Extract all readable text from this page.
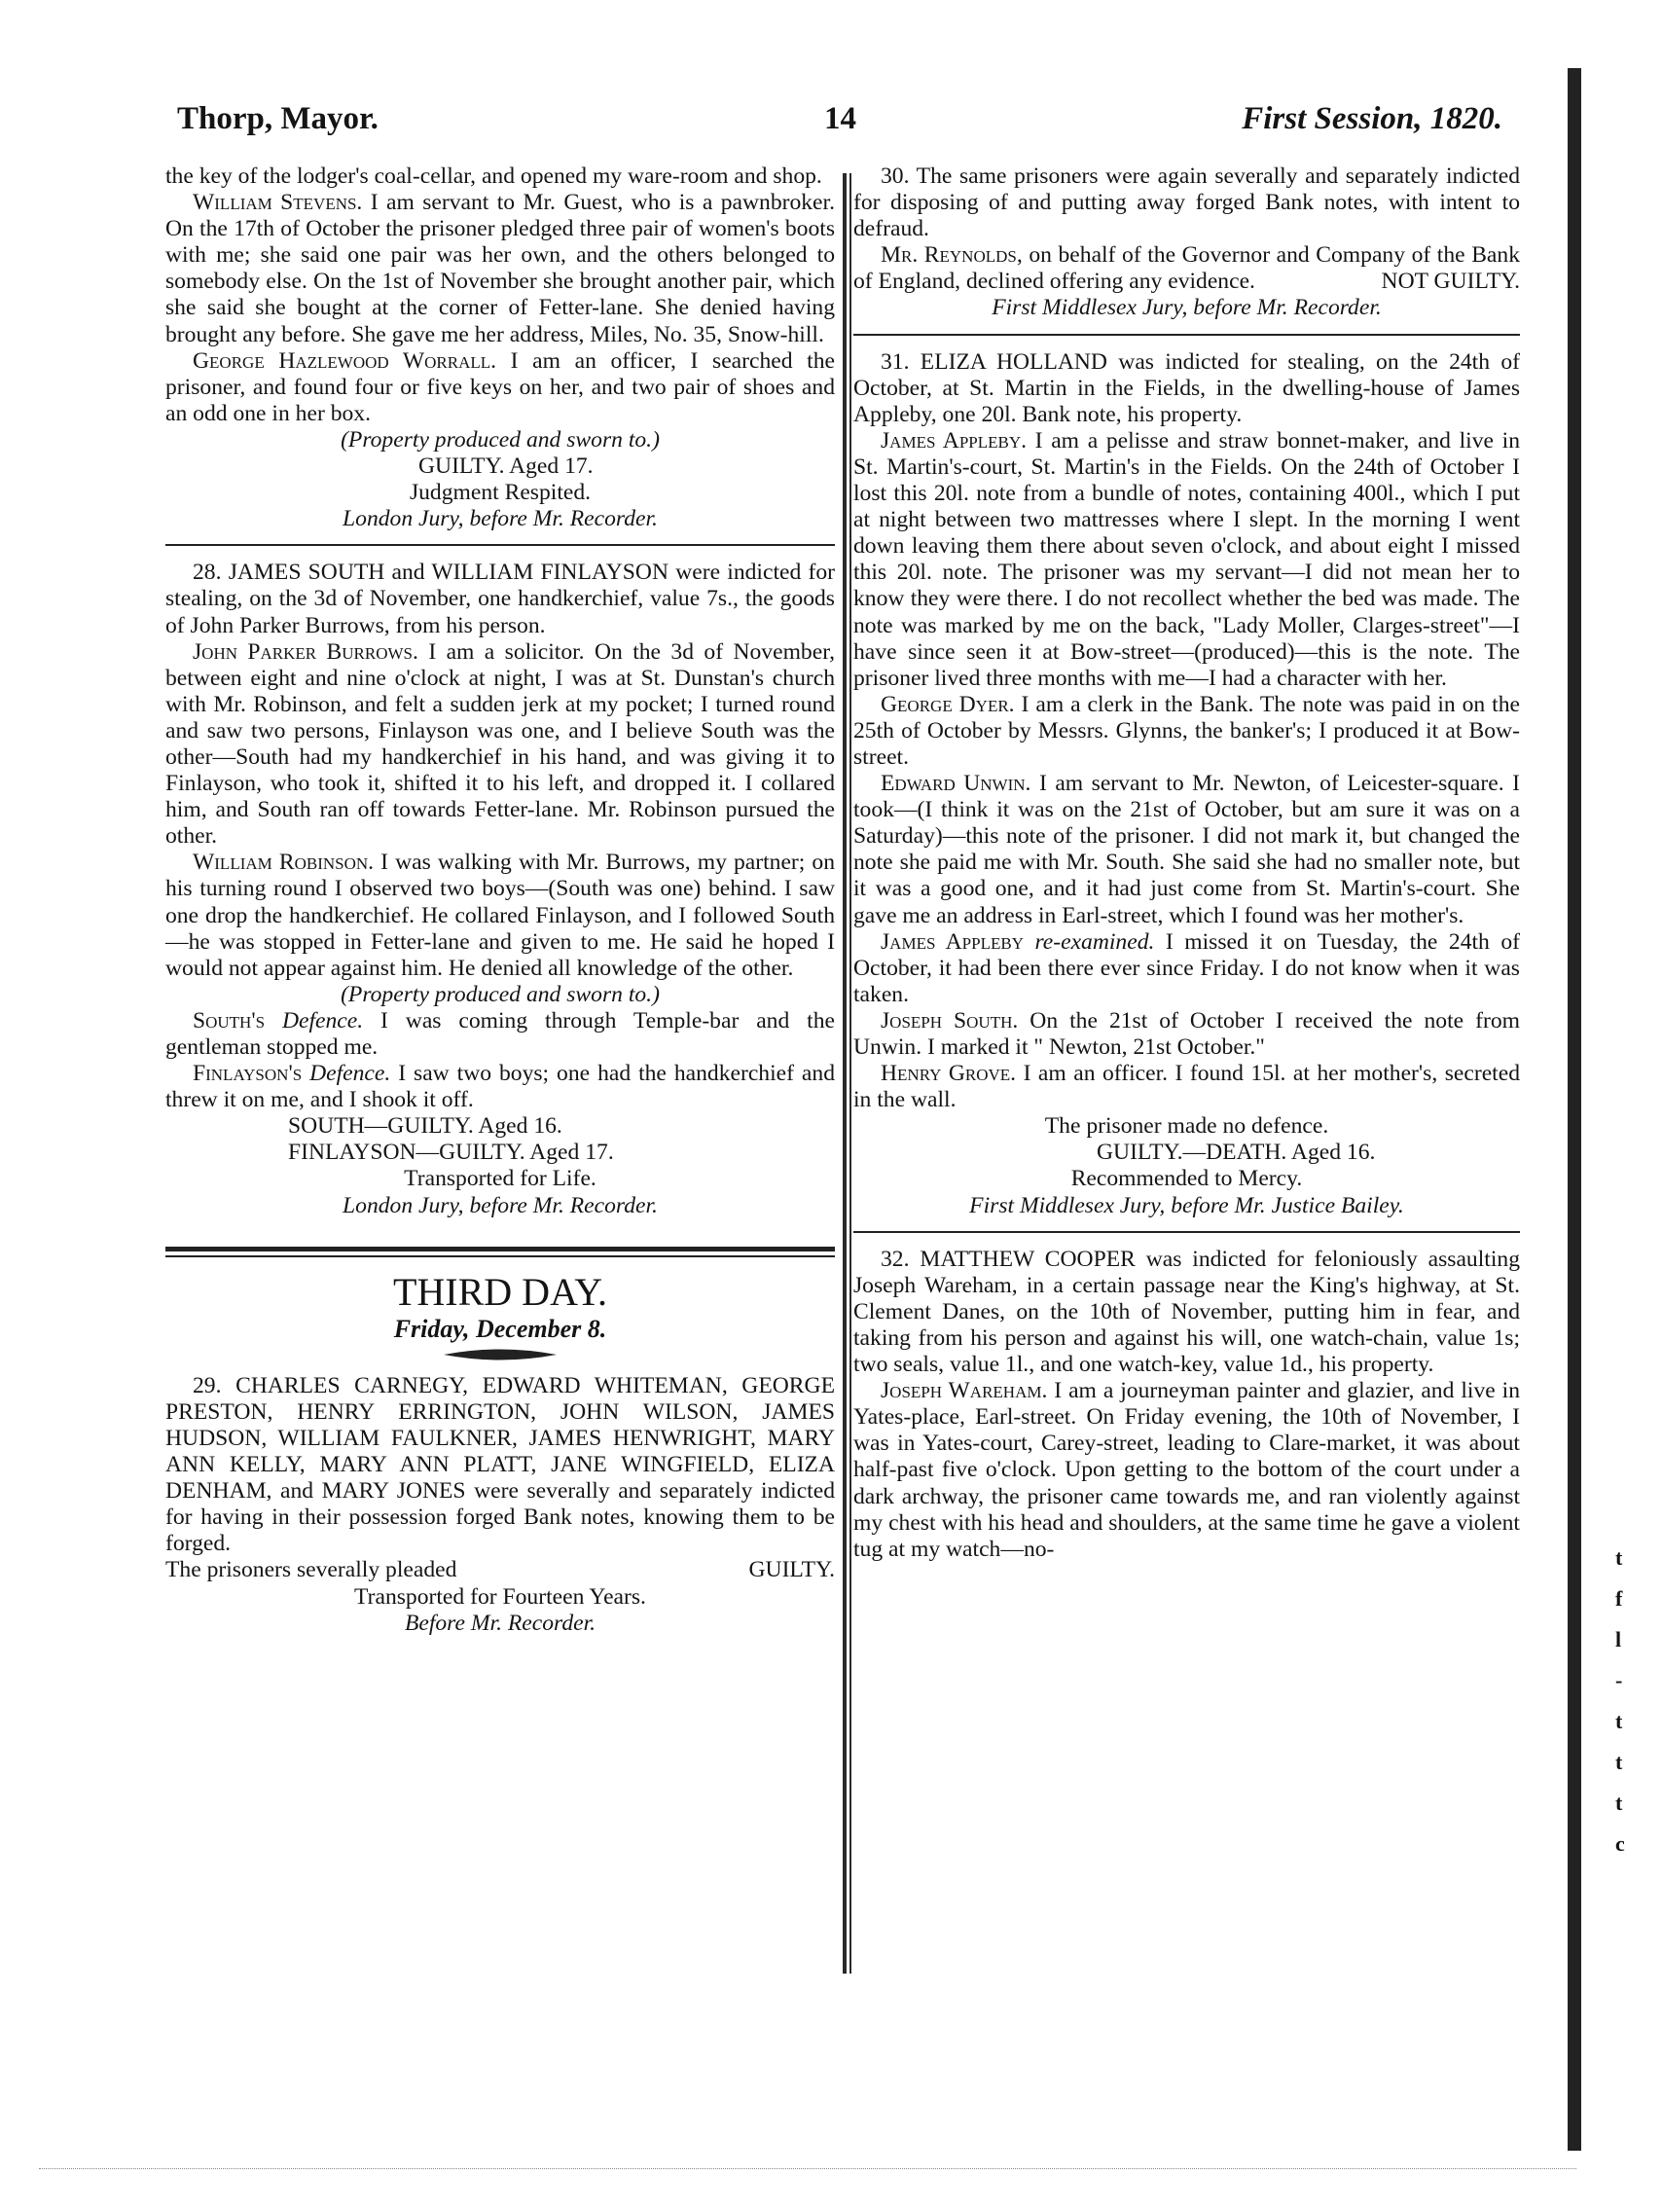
Thorp, Mayor.	14	First Session, 1820.

the key of the lodger's coal-cellar, and opened my ware-room and shop.

William Stevens. I am servant to Mr. Guest, who is a pawnbroker. On the 17th of October the prisoner pledged three pair of women's boots with me; she said one pair was her own, and the others belonged to somebody else. On the 1st of November she brought another pair, which she said she bought at the corner of Fetter-lane. She denied having brought any before. She gave me her address, Miles, No. 35, Snow-hill.

George Hazlewood Worrall. I am an officer, I searched the prisoner, and found four or five keys on her, and two pair of shoes and an odd one in her box.

(Property produced and sworn to.)

GUILTY. Aged 17.

Judgment Respited.

London Jury, before Mr. Recorder.

28. JAMES SOUTH and WILLIAM FINLAYSON were indicted for stealing, on the 3d of November, one handkerchief, value 7s., the goods of John Parker Burrows, from his person.

John Parker Burrows. I am a solicitor. On the 3d of November, between eight and nine o'clock at night, I was at St. Dunstan's church with Mr. Robinson, and felt a sudden jerk at my pocket; I turned round and saw two persons, Finlayson was one, and I believe South was the other—South had my handkerchief in his hand, and was giving it to Finlayson, who took it, shifted it to his left, and dropped it. I collared him, and South ran off towards Fetter-lane. Mr. Robinson pursued the other.

William Robinson. I was walking with Mr. Burrows, my partner; on his turning round I observed two boys—(South was one) behind. I saw one drop the handkerchief. He collared Finlayson, and I followed South—he was stopped in Fetter-lane and given to me. He said he hoped I would not appear against him. He denied all knowledge of the other.

(Property produced and sworn to.)

South's Defence. I was coming through Temple-bar and the gentleman stopped me.

Finlayson's Defence. I saw two boys; one had the handkerchief and threw it on me, and I shook it off.

SOUTH—GUILTY. Aged 16.

FINLAYSON—GUILTY. Aged 17.

Transported for Life.

London Jury, before Mr. Recorder.

THIRD DAY.

Friday, December 8.

29. CHARLES CARNEGY, EDWARD WHITEMAN, GEORGE PRESTON, HENRY ERRINGTON, JOHN WILSON, JAMES HUDSON, WILLIAM FAULKNER, JAMES HENWRIGHT, MARY ANN KELLY, MARY ANN PLATT, JANE WINGFIELD, ELIZA DENHAM, and MARY JONES were severally and separately indicted for having in their possession forged Bank notes, knowing them to be forged.

The prisoners severally pleaded	GUILTY.

Transported for Fourteen Years.

Before Mr. Recorder.

30. The same prisoners were again severally and separately indicted for disposing of and putting away forged Bank notes, with intent to defraud.

Mr. Reynolds, on behalf of the Governor and Company of the Bank of England, declined offering any evidence.	NOT GUILTY.

First Middlesex Jury, before Mr. Recorder.

31. ELIZA HOLLAND was indicted for stealing, on the 24th of October, at St. Martin in the Fields, in the dwelling-house of James Appleby, one 20l. Bank note, his property.

James Appleby. I am a pelisse and straw bonnet-maker, and live in St. Martin's-court, St. Martin's in the Fields. On the 24th of October I lost this 20l. note from a bundle of notes, containing 400l., which I put at night between two mattresses where I slept. In the morning I went down leaving them there about seven o'clock, and about eight I missed this 20l. note. The prisoner was my servant—I did not mean her to know they were there. I do not recollect whether the bed was made. The note was marked by me on the back, "Lady Moller, Clarges-street"—I have since seen it at Bow-street—(produced)—this is the note. The prisoner lived three months with me—I had a character with her.

George Dyer. I am a clerk in the Bank. The note was paid in on the 25th of October by Messrs. Glynns, the banker's; I produced it at Bow-street.

Edward Unwin. I am servant to Mr. Newton, of Leicester-square. I took—(I think it was on the 21st of October, but am sure it was on a Saturday)—this note of the prisoner. I did not mark it, but changed the note she paid me with Mr. South. She said she had no smaller note, but it was a good one, and it had just come from St. Martin's-court. She gave me an address in Earl-street, which I found was her mother's.

James Appleby re-examined. I missed it on Tuesday, the 24th of October, it had been there ever since Friday. I do not know when it was taken.

Joseph South. On the 21st of October I received the note from Unwin. I marked it " Newton, 21st October."

Henry Grove. I am an officer. I found 15l. at her mother's, secreted in the wall.

The prisoner made no defence.

GUILTY.—DEATH. Aged 16.

Recommended to Mercy.

First Middlesex Jury, before Mr. Justice Bailey.

32. MATTHEW COOPER was indicted for feloniously assaulting Joseph Wareham, in a certain passage near the King's highway, at St. Clement Danes, on the 10th of November, putting him in fear, and taking from his person and against his will, one watch-chain, value 1s; two seals, value 1l., and one watch-key, value 1d., his property.

Joseph Wareham. I am a journeyman painter and glazier, and live in Yates-place, Earl-street. On Friday evening, the 10th of November, I was in Yates-court, Carey-street, leading to Clare-market, it was about half-past five o'clock. Upon getting to the bottom of the court under a dark archway, the prisoner came towards me, and ran violently against my chest with his head and shoulders, at the same time he gave a violent tug at my watch—no-	t
f
l
-
t
t
t
c
